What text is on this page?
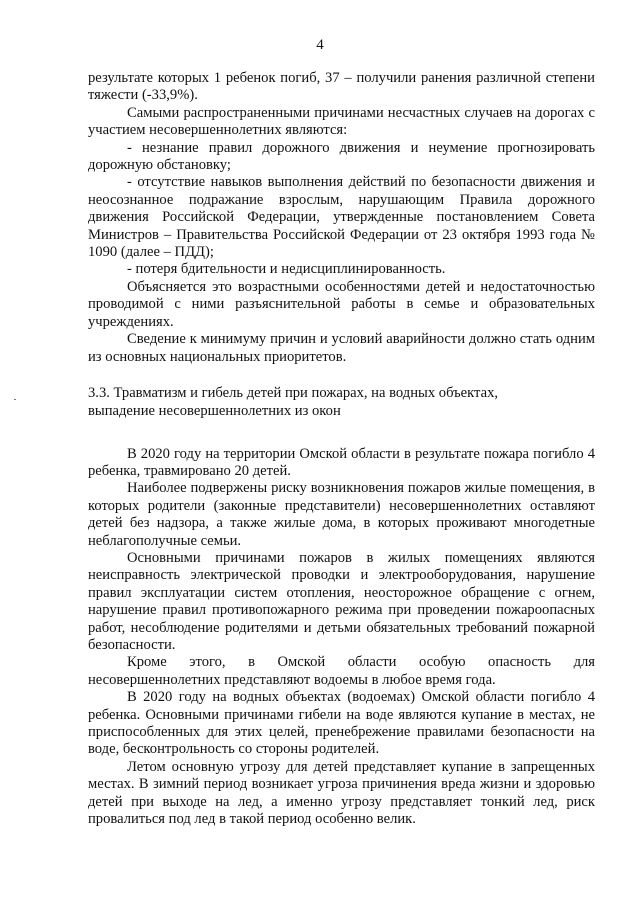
4

результате которых 1 ребенок погиб, 37 – получили ранения различной степени тяжести (-33,9%).

Самыми распространенными причинами несчастных случаев на дорогах с участием несовершеннолетних являются:

- незнание правил дорожного движения и неумение прогнозировать дорожную обстановку;

- отсутствие навыков выполнения действий по безопасности движения и неосознанное подражание взрослым, нарушающим Правила дорожного движения Российской Федерации, утвержденные постановлением Совета Министров – Правительства Российской Федерации от 23 октября 1993 года № 1090 (далее – ПДД);

- потеря бдительности и недисциплинированность.

Объясняется это возрастными особенностями детей и недостаточностью проводимой с ними разъяснительной работы в семье и образовательных учреждениях.

Сведение к минимуму причин и условий аварийности должно стать одним из основных национальных приоритетов.

3.3. Травматизм и гибель детей при пожарах, на водных объектах,

выпадение несовершеннолетних из окон

В 2020 году на территории Омской области в результате пожара погибло 4 ребенка, травмировано 20 детей.

Наиболее подвержены риску возникновения пожаров жилые помещения, в которых родители (законные представители) несовершеннолетних оставляют детей без надзора, а также жилые дома, в которых проживают многодетные неблагополучные семьи.

Основными причинами пожаров в жилых помещениях являются неисправность электрической проводки и электрооборудования, нарушение правил эксплуатации систем отопления, неосторожное обращение с огнем, нарушение правил противопожарного режима при проведении пожароопасных работ, несоблюдение родителями и детьми обязательных требований пожарной безопасности.

Кроме этого, в Омской области особую опасность для несовершеннолетних представляют водоемы в любое время года.

В 2020 году на водных объектах (водоемах) Омской области погибло 4 ребенка. Основными причинами гибели на воде являются купание в местах, не приспособленных для этих целей, пренебрежение правилами безопасности на воде, бесконтрольность со стороны родителей.

Летом основную угрозу для детей представляет купание в запрещенных местах. В зимний период возникает угроза причинения вреда жизни и здоровью детей при выходе на лед, а именно угрозу представляет тонкий лед, риск провалиться под лед в такой период особенно велик.
